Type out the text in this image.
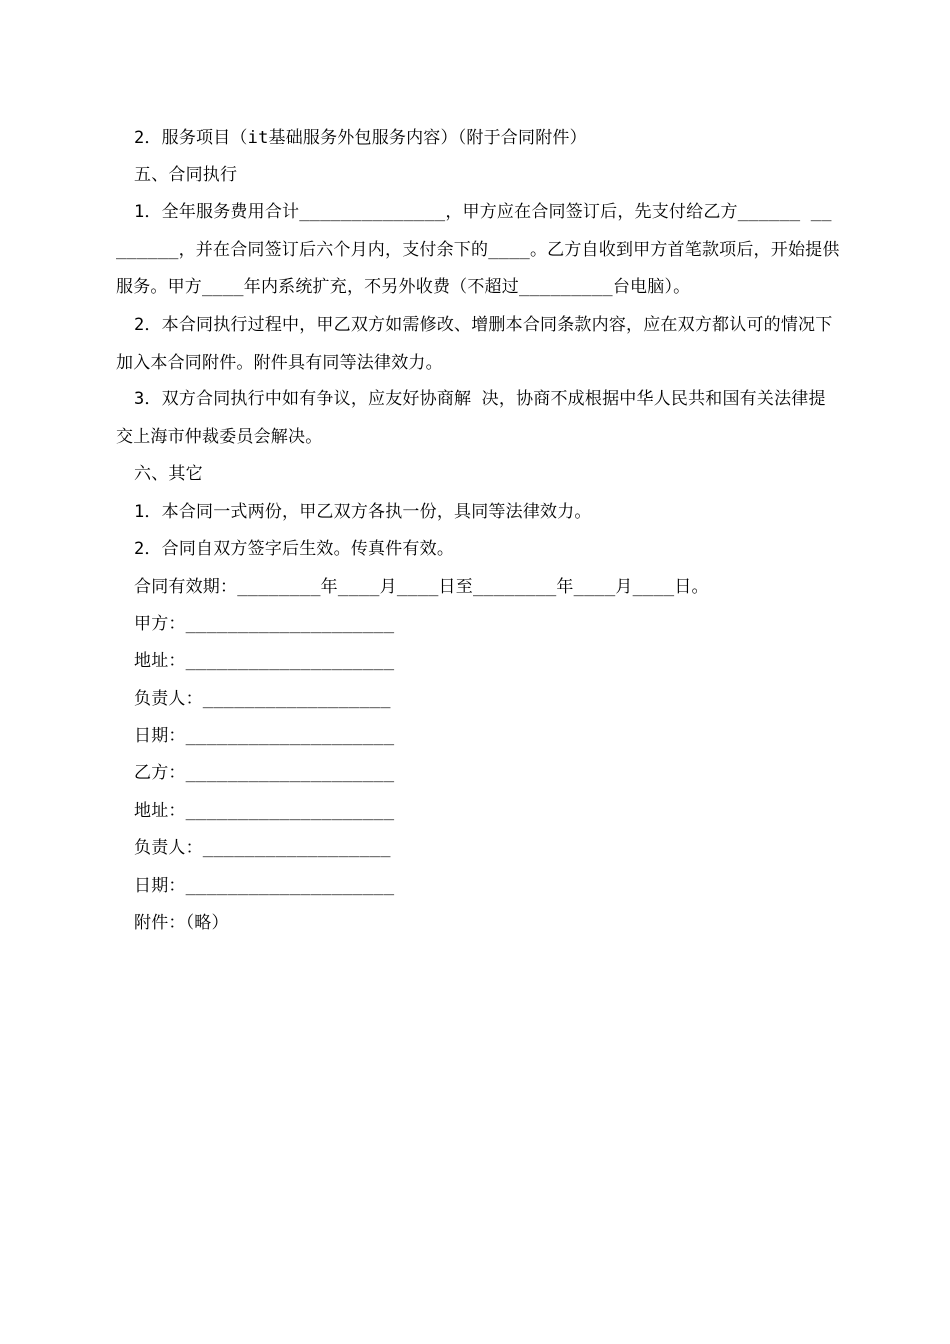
2．服务项目（it基础服务外包服务内容）（附于合同附件）
五、合同执行
1．全年服务费用合计______________，甲方应在合同签订后，先支付给乙方______ ________，并在合同签订后六个月内，支付余下的____。乙方自收到甲方首笔款项后，开始提供服务。甲方____年内系统扩充，不另外收费（不超过_________台电脑）。
2．本合同执行过程中，甲乙双方如需修改、增删本合同条款内容，应在双方都认可的情况下加入本合同附件。附件具有同等法律效力。
3．双方合同执行中如有争议，应友好协商解 决，协商不成根据中华人民共和国有关法律提交上海市仲裁委员会解决。
六、其它
1．本合同一式两份，甲乙双方各执一份，具同等法律效力。
2．合同自双方签字后生效。传真件有效。
合同有效期：________年____月____日至________年____月____日。
甲方：____________________
地址：____________________
负责人：__________________
日期：____________________
乙方：____________________
地址：____________________
负责人：__________________
日期：____________________
附件：（略）
